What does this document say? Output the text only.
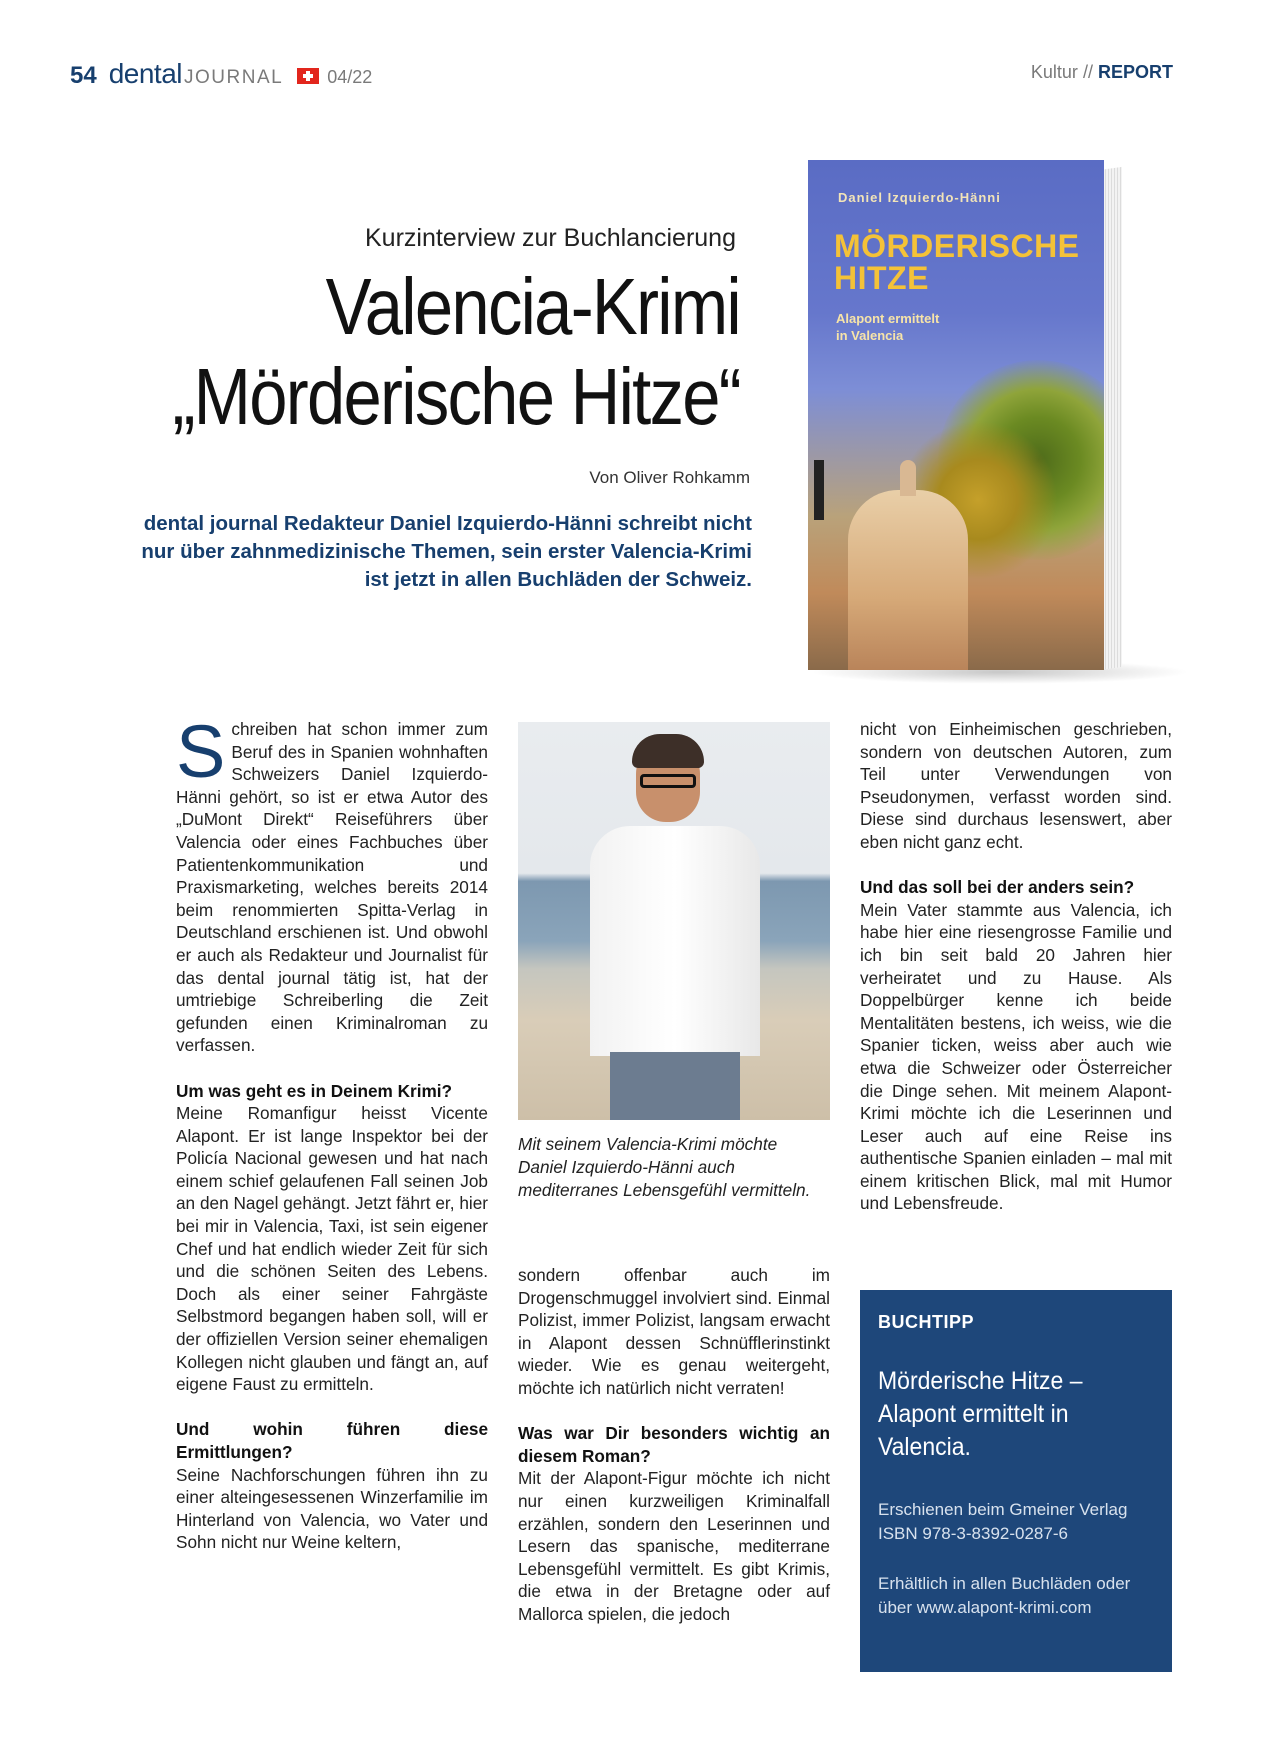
54 dental JOURNAL 04/22	Kultur // REPORT
Kurzinterview zur Buchlancierung
Valencia-Krimi
„Mörderische Hitze“
Von Oliver Rohkamm
dental journal Redakteur Daniel Izquierdo-Hänni schreibt nicht nur über zahnmedizinische Themen, sein erster Valencia-Krimi ist jetzt in allen Buchläden der Schweiz.
Daniel Izquierdo-Hänni
MÖRDERISCHE
HITZE
Alapont ermittelt
in Valencia

Schreiben hat schon immer zum Beruf des in Spanien wohnhaften Schweizers Daniel Izquierdo-Hänni gehört, so ist er etwa Autor des „DuMont Direkt“ Reiseführers über Valencia oder eines Fachbuches über Patientenkommunikation und Praxismarketing, welches bereits 2014 beim renommierten Spitta-Verlag in Deutschland erschienen ist. Und obwohl er auch als Redakteur und Journalist für das dental journal tätig ist, hat der umtriebige Schreiberling die Zeit gefunden einen Kriminalroman zu verfassen.

Um was geht es in Deinem Krimi?

Meine Romanfigur heisst Vicente Alapont. Er ist lange Inspektor bei der Policía Nacional gewesen und hat nach einem schief gelaufenen Fall seinen Job an den Nagel gehängt. Jetzt fährt er, hier bei mir in Valencia, Taxi, ist sein eigener Chef und hat endlich wieder Zeit für sich und die schönen Seiten des Lebens. Doch als einer seiner Fahrgäste Selbstmord begangen haben soll, will er der offiziellen Version seiner ehemaligen Kollegen nicht glauben und fängt an, auf eigene Faust zu ermitteln.

Und wohin führen diese Ermittlungen?

Seine Nachforschungen führen ihn zu einer alteingesessenen Winzerfamilie im Hinterland von Valencia, wo Vater und Sohn nicht nur Weine keltern,

Mit seinem Valencia-Krimi möchte Daniel Izquierdo-Hänni auch mediterranes Lebensgefühl vermitteln.

sondern offenbar auch im Drogenschmuggel involviert sind. Einmal Polizist, immer Polizist, langsam erwacht in Alapont dessen Schnüfflerinstinkt wieder. Wie es genau weitergeht, möchte ich natürlich nicht verraten!

Was war Dir besonders wichtig an diesem Roman?

Mit der Alapont-Figur möchte ich nicht nur einen kurzweiligen Kriminalfall erzählen, sondern den Leserinnen und Lesern das spanische, mediterrane Lebensgefühl vermittelt. Es gibt Krimis, die etwa in der Bretagne oder auf Mallorca spielen, die jedoch

nicht von Einheimischen geschrieben, sondern von deutschen Autoren, zum Teil unter Verwendungen von Pseudonymen, verfasst worden sind. Diese sind durchaus lesenswert, aber eben nicht ganz echt.

Und das soll bei der anders sein?

Mein Vater stammte aus Valencia, ich habe hier eine riesengrosse Familie und ich bin seit bald 20 Jahren hier verheiratet und zu Hause. Als Doppelbürger kenne ich beide Mentalitäten bestens, ich weiss, wie die Spanier ticken, weiss aber auch wie etwa die Schweizer oder Österreicher die Dinge sehen. Mit meinem Alapont-Krimi möchte ich die Leserinnen und Leser auch auf eine Reise ins authentische Spanien einladen – mal mit einem kritischen Blick, mal mit Humor und Lebensfreude.

BUCHTIPP
Mörderische Hitze – Alapont ermittelt in Valencia.
Erschienen beim Gmeiner Verlag
ISBN 978-3-8392-0287-6
Erhältlich in allen Buchläden oder über www.alapont-krimi.com
